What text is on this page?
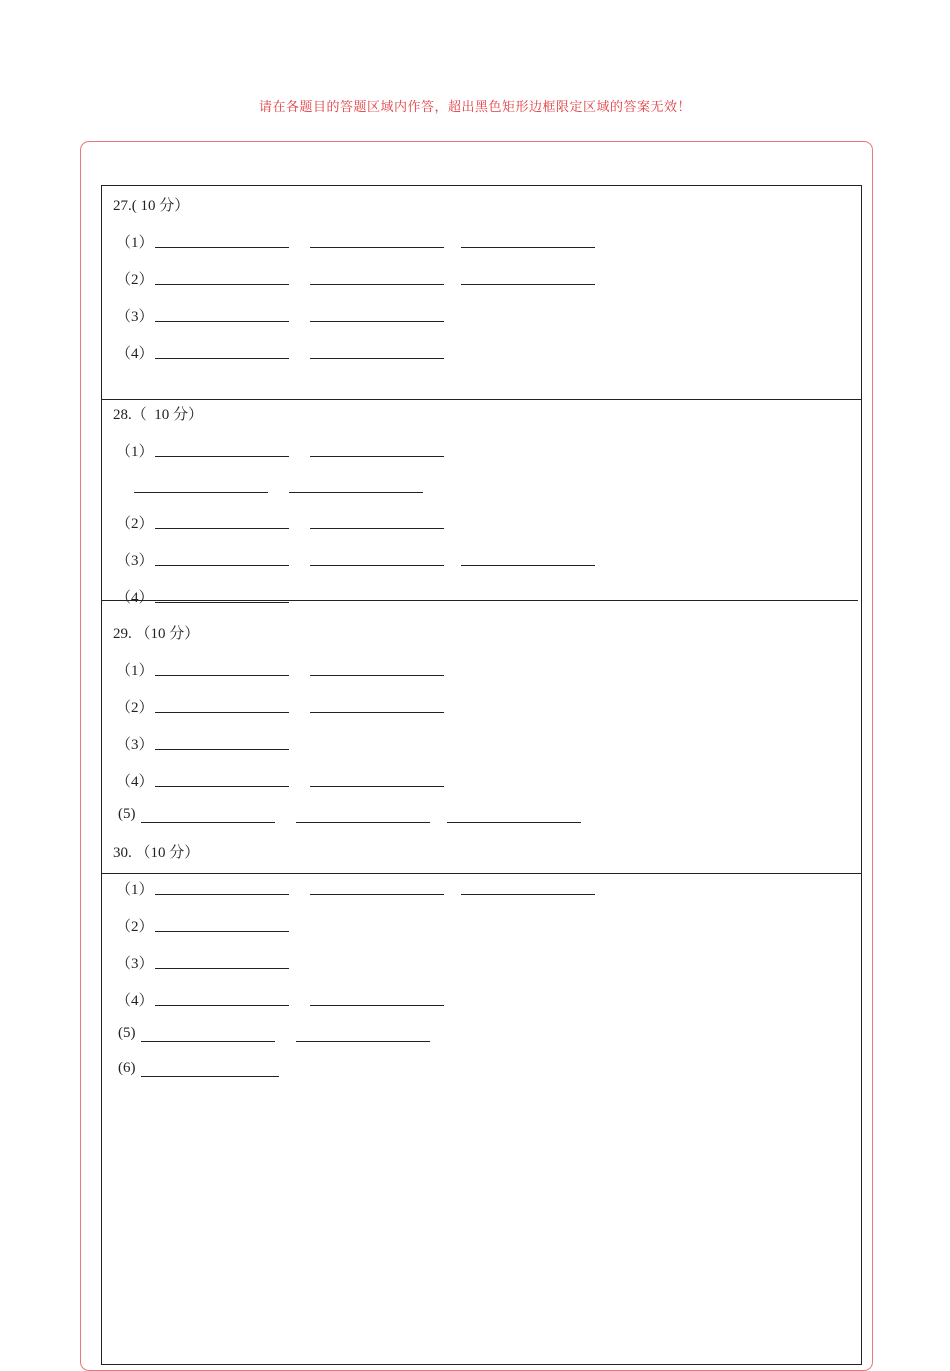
请在各题目的答题区域内作答，超出黑色矩形边框限定区域的答案无效！
27.( 10 分）
（1）
（2）
（3）
（4）
28.（  10 分）
（1）
（2）
（3）
（4）
29. （10 分）
（1）
（2）
（3）
（4）
(5)
30. （10 分）
（1）
（2）
（3）
（4）
(5)
(6)
